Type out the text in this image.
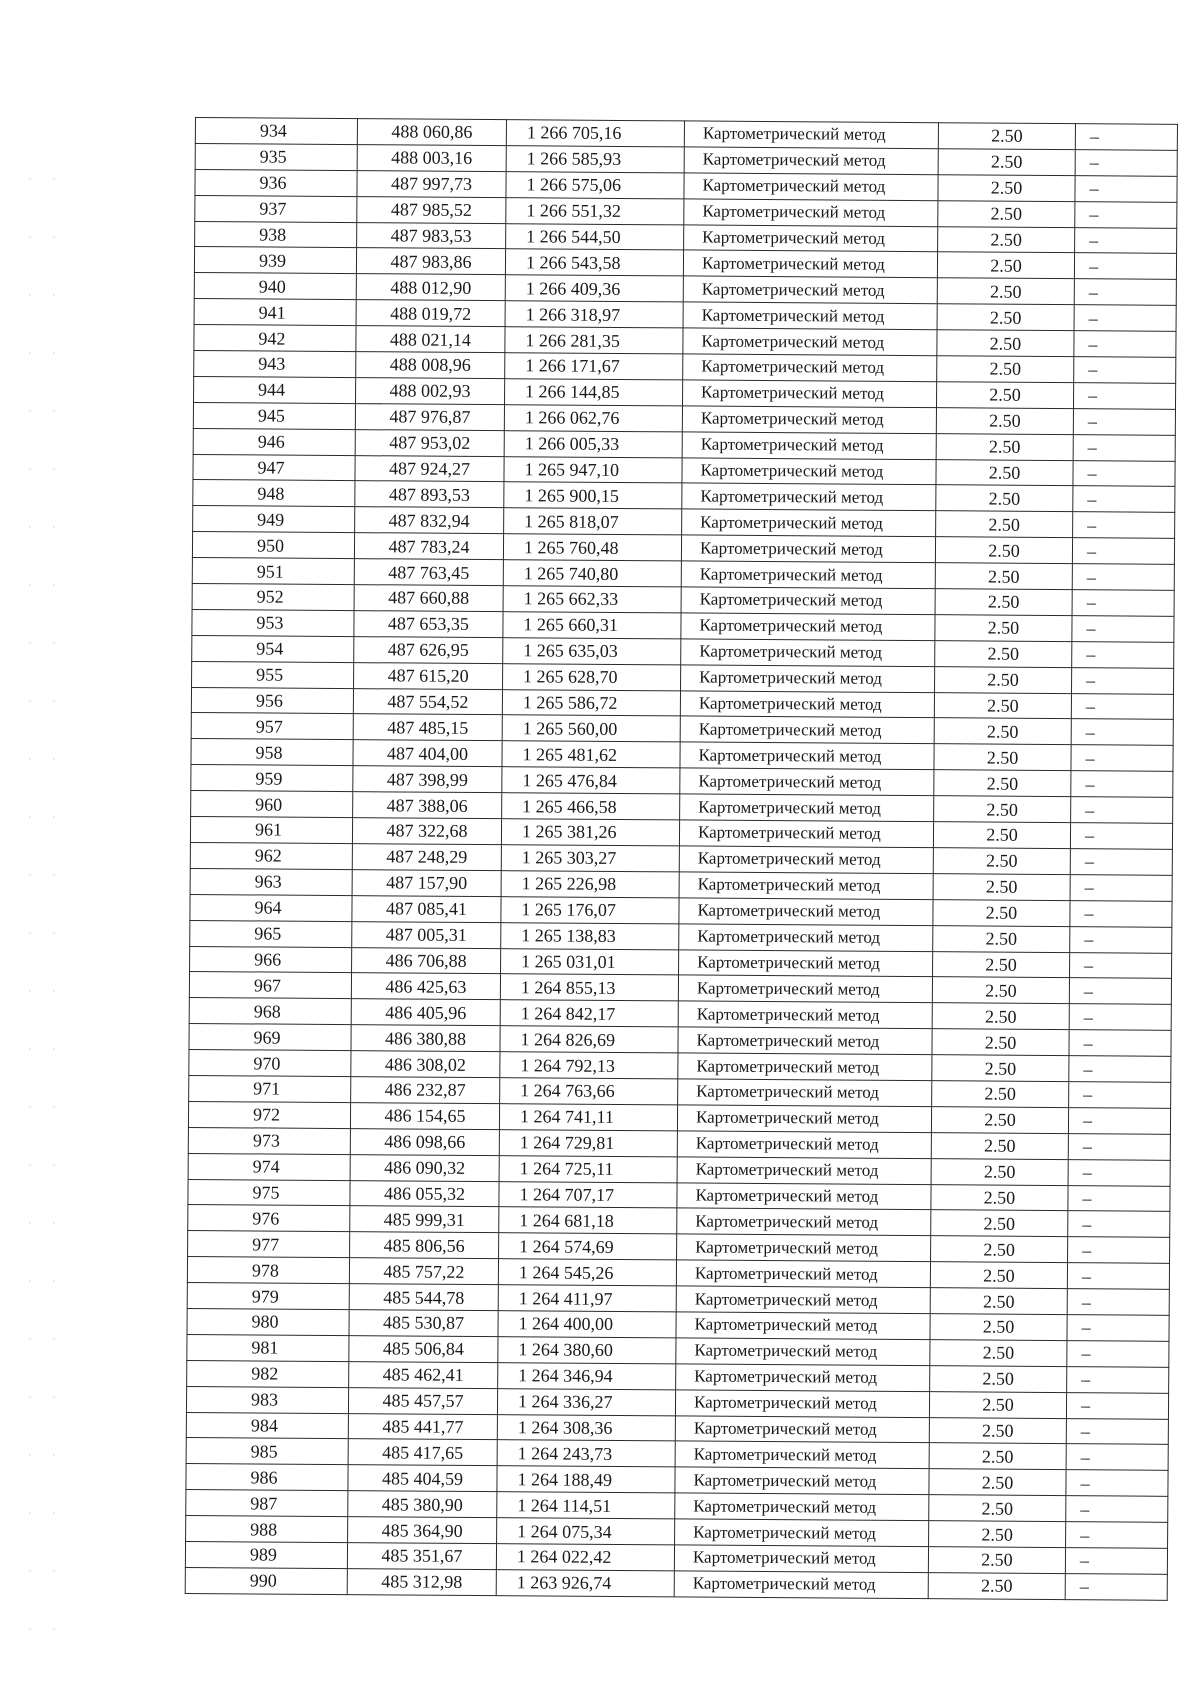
934	488 060,86	1 266 705,16	Картометрический метод	2.50	–
935	488 003,16	1 266 585,93	Картометрический метод	2.50	–
936	487 997,73	1 266 575,06	Картометрический метод	2.50	–
937	487 985,52	1 266 551,32	Картометрический метод	2.50	–
938	487 983,53	1 266 544,50	Картометрический метод	2.50	–
939	487 983,86	1 266 543,58	Картометрический метод	2.50	–
940	488 012,90	1 266 409,36	Картометрический метод	2.50	–
941	488 019,72	1 266 318,97	Картометрический метод	2.50	–
942	488 021,14	1 266 281,35	Картометрический метод	2.50	–
943	488 008,96	1 266 171,67	Картометрический метод	2.50	–
944	488 002,93	1 266 144,85	Картометрический метод	2.50	–
945	487 976,87	1 266 062,76	Картометрический метод	2.50	–
946	487 953,02	1 266 005,33	Картометрический метод	2.50	–
947	487 924,27	1 265 947,10	Картометрический метод	2.50	–
948	487 893,53	1 265 900,15	Картометрический метод	2.50	–
949	487 832,94	1 265 818,07	Картометрический метод	2.50	–
950	487 783,24	1 265 760,48	Картометрический метод	2.50	–
951	487 763,45	1 265 740,80	Картометрический метод	2.50	–
952	487 660,88	1 265 662,33	Картометрический метод	2.50	–
953	487 653,35	1 265 660,31	Картометрический метод	2.50	–
954	487 626,95	1 265 635,03	Картометрический метод	2.50	–
955	487 615,20	1 265 628,70	Картометрический метод	2.50	–
956	487 554,52	1 265 586,72	Картометрический метод	2.50	–
957	487 485,15	1 265 560,00	Картометрический метод	2.50	–
958	487 404,00	1 265 481,62	Картометрический метод	2.50	–
959	487 398,99	1 265 476,84	Картометрический метод	2.50	–
960	487 388,06	1 265 466,58	Картометрический метод	2.50	–
961	487 322,68	1 265 381,26	Картометрический метод	2.50	–
962	487 248,29	1 265 303,27	Картометрический метод	2.50	–
963	487 157,90	1 265 226,98	Картометрический метод	2.50	–
964	487 085,41	1 265 176,07	Картометрический метод	2.50	–
965	487 005,31	1 265 138,83	Картометрический метод	2.50	–
966	486 706,88	1 265 031,01	Картометрический метод	2.50	–
967	486 425,63	1 264 855,13	Картометрический метод	2.50	–
968	486 405,96	1 264 842,17	Картометрический метод	2.50	–
969	486 380,88	1 264 826,69	Картометрический метод	2.50	–
970	486 308,02	1 264 792,13	Картометрический метод	2.50	–
971	486 232,87	1 264 763,66	Картометрический метод	2.50	–
972	486 154,65	1 264 741,11	Картометрический метод	2.50	–
973	486 098,66	1 264 729,81	Картометрический метод	2.50	–
974	486 090,32	1 264 725,11	Картометрический метод	2.50	–
975	486 055,32	1 264 707,17	Картометрический метод	2.50	–
976	485 999,31	1 264 681,18	Картометрический метод	2.50	–
977	485 806,56	1 264 574,69	Картометрический метод	2.50	–
978	485 757,22	1 264 545,26	Картометрический метод	2.50	–
979	485 544,78	1 264 411,97	Картометрический метод	2.50	–
980	485 530,87	1 264 400,00	Картометрический метод	2.50	–
981	485 506,84	1 264 380,60	Картометрический метод	2.50	–
982	485 462,41	1 264 346,94	Картометрический метод	2.50	–
983	485 457,57	1 264 336,27	Картометрический метод	2.50	–
984	485 441,77	1 264 308,36	Картометрический метод	2.50	–
985	485 417,65	1 264 243,73	Картометрический метод	2.50	–
986	485 404,59	1 264 188,49	Картометрический метод	2.50	–
987	485 380,90	1 264 114,51	Картометрический метод	2.50	–
988	485 364,90	1 264 075,34	Картометрический метод	2.50	–
989	485 351,67	1 264 022,42	Картометрический метод	2.50	–
990	485 312,98	1 263 926,74	Картометрический метод	2.50	–
